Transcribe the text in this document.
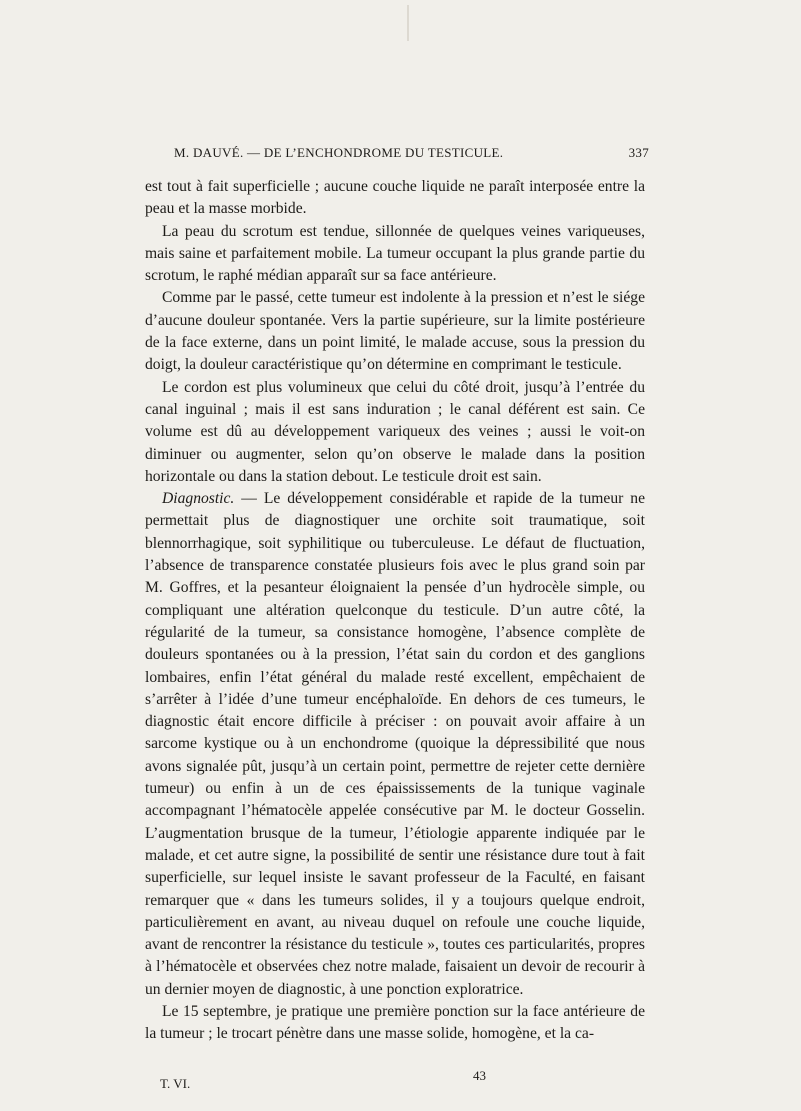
M. DAUVÉ. — DE L’ENCHONDROME DU TESTICULE.	337

est tout à fait superficielle ; aucune couche liquide ne paraît interposée entre la peau et la masse morbide.

La peau du scrotum est tendue, sillonnée de quelques veines variqueuses, mais saine et parfaitement mobile. La tumeur occupant la plus grande partie du scrotum, le raphé médian apparaît sur sa face antérieure.

Comme par le passé, cette tumeur est indolente à la pression et n’est le siége d’aucune douleur spontanée. Vers la partie supérieure, sur la limite postérieure de la face externe, dans un point limité, le malade accuse, sous la pression du doigt, la douleur caractéristique qu’on détermine en comprimant le testicule.

Le cordon est plus volumineux que celui du côté droit, jusqu’à l’entrée du canal inguinal ; mais il est sans induration ; le canal déférent est sain. Ce volume est dû au développement variqueux des veines ; aussi le voit-on diminuer ou augmenter, selon qu’on observe le malade dans la position horizontale ou dans la station debout. Le testicule droit est sain.

Diagnostic. — Le développement considérable et rapide de la tumeur ne permettait plus de diagnostiquer une orchite soit traumatique, soit blennorrhagique, soit syphilitique ou tuberculeuse. Le défaut de fluctuation, l’absence de transparence constatée plusieurs fois avec le plus grand soin par M. Goffres, et la pesanteur éloignaient la pensée d’un hydrocèle simple, ou compliquant une altération quelconque du testicule. D’un autre côté, la régularité de la tumeur, sa consistance homogène, l’absence complète de douleurs spontanées ou à la pression, l’état sain du cordon et des ganglions lombaires, enfin l’état général du malade resté excellent, empêchaient de s’arrêter à l’idée d’une tumeur encéphaloïde. En dehors de ces tumeurs, le diagnostic était encore difficile à préciser : on pouvait avoir affaire à un sarcome kystique ou à un enchondrome (quoique la dépressibilité que nous avons signalée pût, jusqu’à un certain point, permettre de rejeter cette dernière tumeur) ou enfin à un de ces épaississements de la tunique vaginale accompagnant l’hématocèle appelée consécutive par M. le docteur Gosselin. L’augmentation brusque de la tumeur, l’étiologie apparente indiquée par le malade, et cet autre signe, la possibilité de sentir une résistance dure tout à fait superficielle, sur lequel insiste le savant professeur de la Faculté, en faisant remarquer que « dans les tumeurs solides, il y a toujours quelque endroit, particulièrement en avant, au niveau duquel on refoule une couche liquide, avant de rencontrer la résistance du testicule », toutes ces particularités, propres à l’hématocèle et observées chez notre malade, faisaient un devoir de recourir à un dernier moyen de diagnostic, à une ponction exploratrice.

Le 15 septembre, je pratique une première ponction sur la face antérieure de la tumeur ; le trocart pénètre dans une masse solide, homogène, et la ca-

T. VI.
43
